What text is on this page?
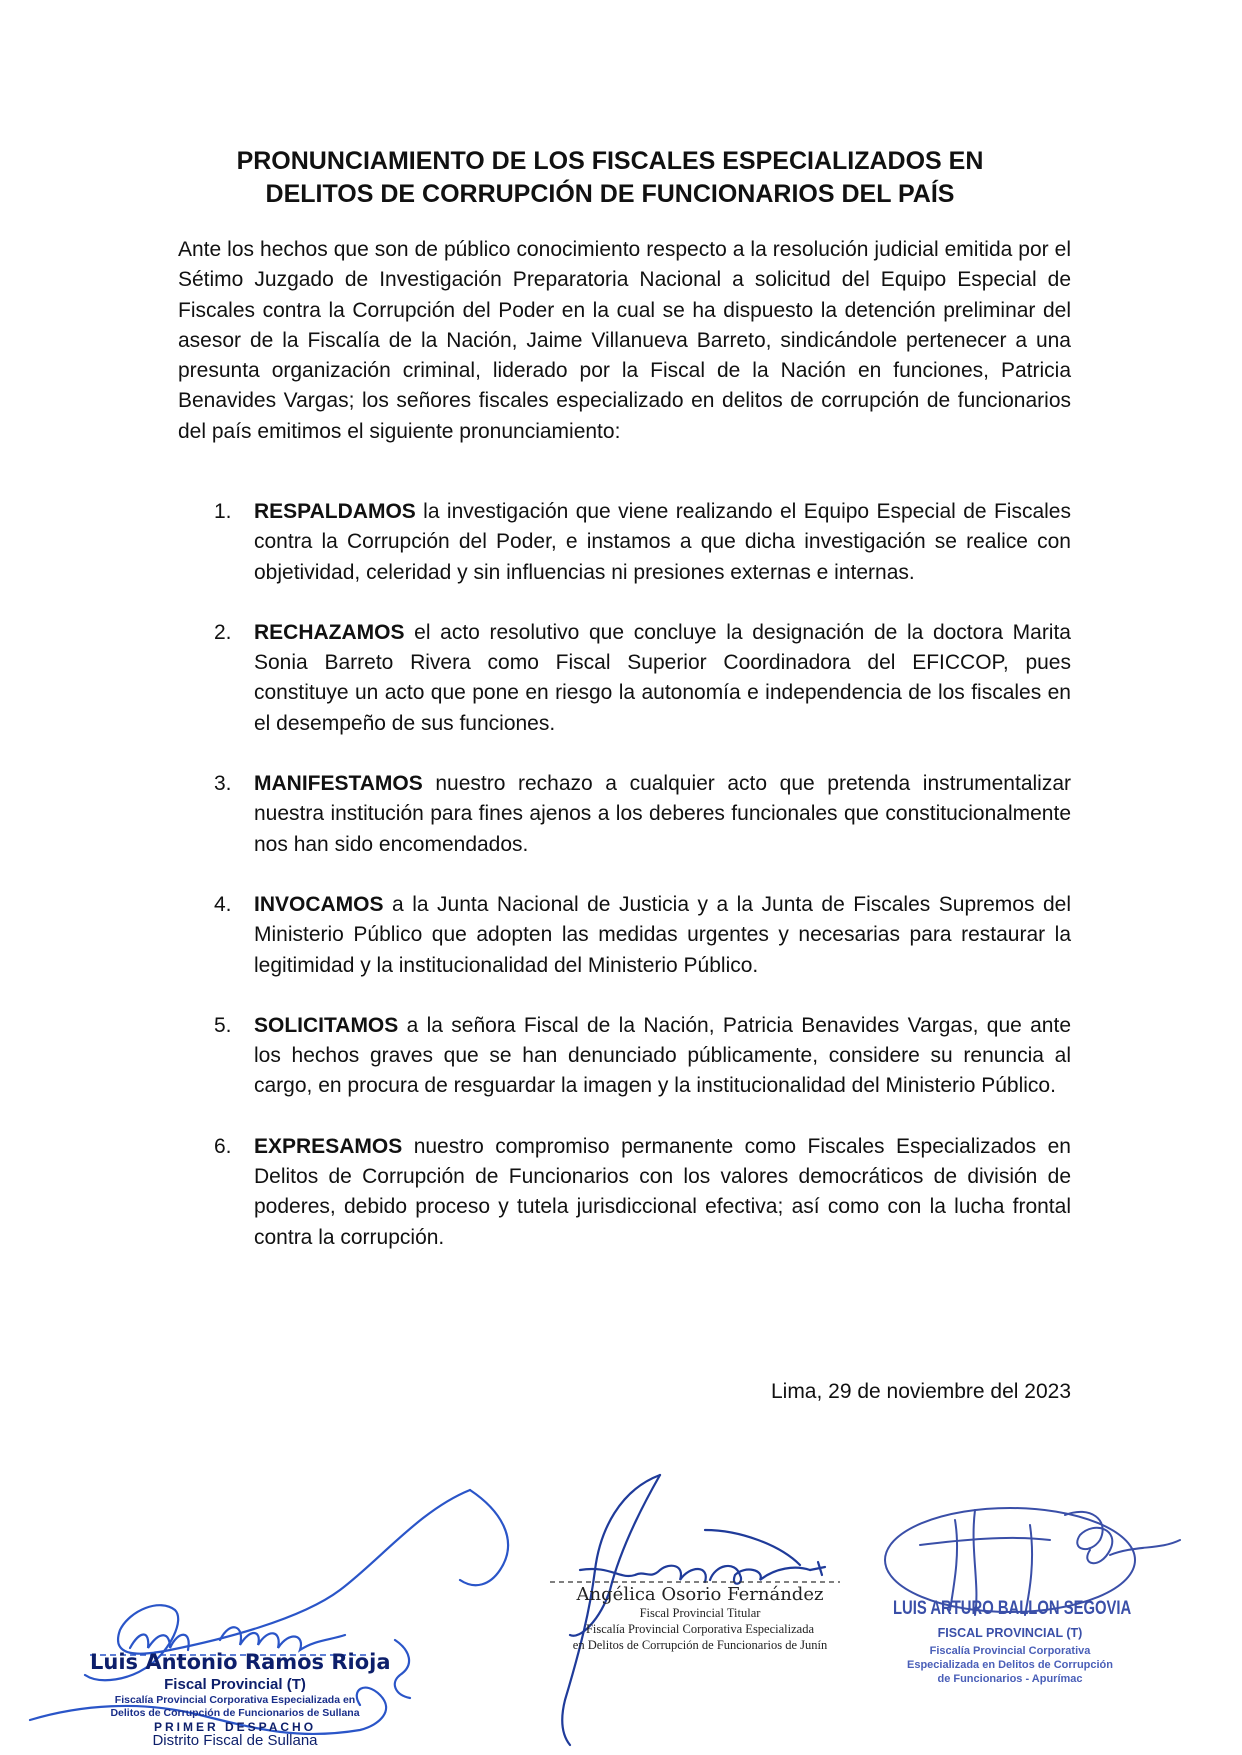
PRONUNCIAMIENTO DE LOS FISCALES ESPECIALIZADOS EN
DELITOS DE CORRUPCIÓN DE FUNCIONARIOS DEL PAÍS

Ante los hechos que son de público conocimiento respecto a la resolución judicial emitida por el Sétimo Juzgado de Investigación Preparatoria Nacional a solicitud del Equipo Especial de Fiscales contra la Corrupción del Poder en la cual se ha dispuesto la detención preliminar del asesor de la Fiscalía de la Nación, Jaime Villanueva Barreto, sindicándole pertenecer a una presunta organización criminal, liderado por la Fiscal de la Nación en funciones, Patricia Benavides Vargas; los señores fiscales especializado en delitos de corrupción de funcionarios del país emitimos el siguiente pronunciamiento:

1. RESPALDAMOS la investigación que viene realizando el Equipo Especial de Fiscales contra la Corrupción del Poder, e instamos a que dicha investigación se realice con objetividad, celeridad y sin influencias ni presiones externas e internas.
2. RECHAZAMOS el acto resolutivo que concluye la designación de la doctora Marita Sonia Barreto Rivera como Fiscal Superior Coordinadora del EFICCOP, pues constituye un acto que pone en riesgo la autonomía e independencia de los fiscales en el desempeño de sus funciones.
3. MANIFESTAMOS nuestro rechazo a cualquier acto que pretenda instrumentalizar nuestra institución para fines ajenos a los deberes funcionales que constitucionalmente nos han sido encomendados.
4. INVOCAMOS a la Junta Nacional de Justicia y a la Junta de Fiscales Supremos del Ministerio Público que adopten las medidas urgentes y necesarias para restaurar la legitimidad y la institucionalidad del Ministerio Público.
5. SOLICITAMOS a la señora Fiscal de la Nación, Patricia Benavides Vargas, que ante los hechos graves que se han denunciado públicamente, considere su renuncia al cargo, en procura de resguardar la imagen y la institucionalidad del Ministerio Público.
6. EXPRESAMOS nuestro compromiso permanente como Fiscales Especializados en Delitos de Corrupción de Funcionarios con los valores democráticos de división de poderes, debido proceso y tutela jurisdiccional efectiva; así como con la lucha frontal contra la corrupción.
Lima, 29 de noviembre del 2023
Luis Antonio Ramos Rioja
Fiscal Provincial (T)
Fiscalía Provincial Corporativa Especializada en
Delitos de Corrupción de Funcionarios de Sullana
PRIMER DESPACHO
Distrito Fiscal de Sullana
Angélica Osorio Fernández
Fiscal Provincial Titular
Fiscalía Provincial Corporativa Especializada
en Delitos de Corrupción de Funcionarios de Junín
LUIS ARTURO BALLON SEGOVIA
FISCAL PROVINCIAL (T)
Fiscalía Provincial Corporativa
Especializada en Delitos de Corrupción
de Funcionarios - Apurímac
